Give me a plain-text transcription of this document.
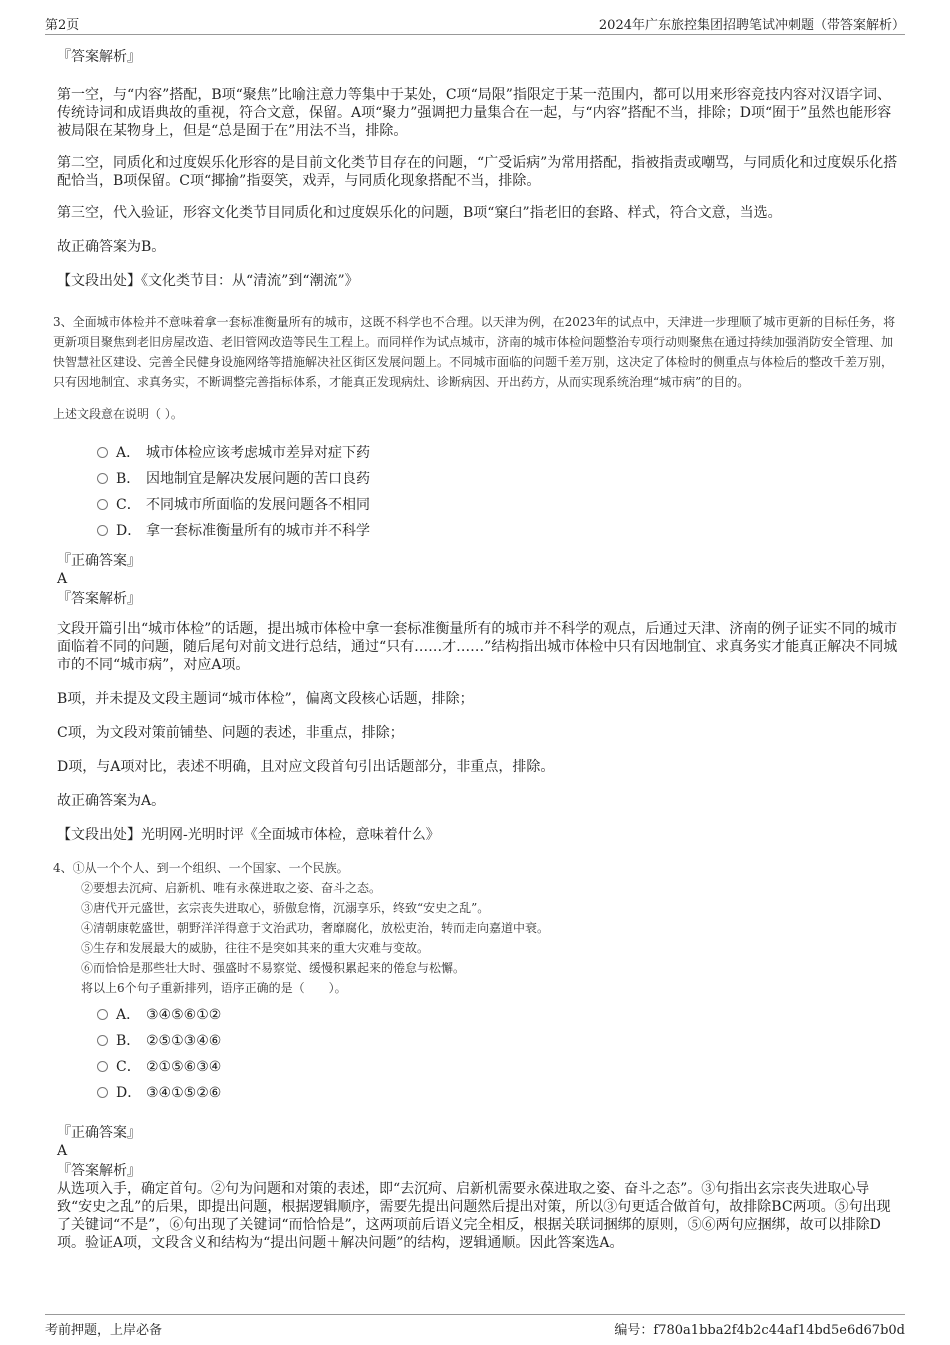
第2页	2024年广东旅控集团招聘笔试冲刺题（带答案解析）

『答案解析』

第一空，与“内容”搭配，B项“聚焦”比喻注意力等集中于某处，C项“局限”指限定于某一范围内，都可以用来形容竞技内容对汉语字词、传统诗词和成语典故的重视，符合文意，保留。A项“聚力”强调把力量集合在一起，与“内容”搭配不当，排除；D项“囿于”虽然也能形容被局限在某物身上，但是“总是囿于在”用法不当，排除。

第二空，同质化和过度娱乐化形容的是目前文化类节目存在的问题，“广受诟病”为常用搭配，指被指责或嘲骂，与同质化和过度娱乐化搭配恰当，B项保留。C项“揶揄”指耍笑，戏弄，与同质化现象搭配不当，排除。

第三空，代入验证，形容文化类节目同质化和过度娱乐化的问题，B项“窠臼”指老旧的套路、样式，符合文意，当选。

故正确答案为B。

【文段出处】《文化类节目：从“清流”到“潮流”》

3、全面城市体检并不意味着拿一套标准衡量所有的城市，这既不科学也不合理。以天津为例，在2023年的试点中，天津进一步理顺了城市更新的目标任务，将更新项目聚焦到老旧房屋改造、老旧管网改造等民生工程上。而同样作为试点城市，济南的城市体检问题整治专项行动则聚焦在通过持续加强消防安全管理、加快智慧社区建设、完善全民健身设施网络等措施解决社区街区发展问题上。不同城市面临的问题千差万别，这决定了体检时的侧重点与体检后的整改千差万别，只有因地制宜、求真务实，不断调整完善指标体系，才能真正发现病灶、诊断病因、开出药方，从而实现系统治理“城市病”的目的。

上述文段意在说明（ ）。

A． 城市体检应该考虑城市差异对症下药
B． 因地制宜是解决发展问题的苦口良药
C． 不同城市所面临的发展问题各不相同
D． 拿一套标准衡量所有的城市并不科学

『正确答案』

A

『答案解析』

文段开篇引出“城市体检”的话题，提出城市体检中拿一套标准衡量所有的城市并不科学的观点，后通过天津、济南的例子证实不同的城市面临着不同的问题，随后尾句对前文进行总结，通过“只有……才……”结构指出城市体检中只有因地制宜、求真务实才能真正解决不同城市的不同“城市病”，对应A项。

B项，并未提及文段主题词“城市体检”，偏离文段核心话题，排除；

C项，为文段对策前铺垫、问题的表述，非重点，排除；

D项，与A项对比，表述不明确，且对应文段首句引出话题部分，非重点，排除。

故正确答案为A。

【文段出处】光明网-光明时评《全面城市体检，意味着什么》

4、①从一个个人、到一个组织、一个国家、一个民族。

②要想去沉疴、启新机、唯有永葆进取之姿、奋斗之态。

③唐代开元盛世，玄宗丧失进取心，骄傲怠惰，沉溺享乐，终致“安史之乱”。

④清朝康乾盛世，朝野洋洋得意于文治武功，奢靡腐化，放松吏治，转而走向嘉道中衰。

⑤生存和发展最大的威胁，往往不是突如其来的重大灾难与变故。

⑥而恰恰是那些壮大时、强盛时不易察觉、缓慢积累起来的倦怠与松懈。

将以上6个句子重新排列，语序正确的是（　　）。

A． ③④⑤⑥①②
B． ②⑤①③④⑥
C． ②①⑤⑥③④
D． ③④①⑤②⑥

『正确答案』

A

『答案解析』

从选项入手，确定首句。②句为问题和对策的表述，即“去沉疴、启新机需要永葆进取之姿、奋斗之态”。③句指出玄宗丧失进取心导致“安史之乱”的后果，即提出问题，根据逻辑顺序，需要先提出问题然后提出对策，所以③句更适合做首句，故排除BC两项。⑤句出现了关键词“不是”，⑥句出现了关键词“而恰恰是”，这两项前后语义完全相反，根据关联词捆绑的原则，⑤⑥两句应捆绑，故可以排除D项。验证A项，文段含义和结构为“提出问题＋解决问题”的结构，逻辑通顺。因此答案选A。

考前押题，上岸必备	编号：f780a1bba2f4b2c44af14bd5e6d67b0d
